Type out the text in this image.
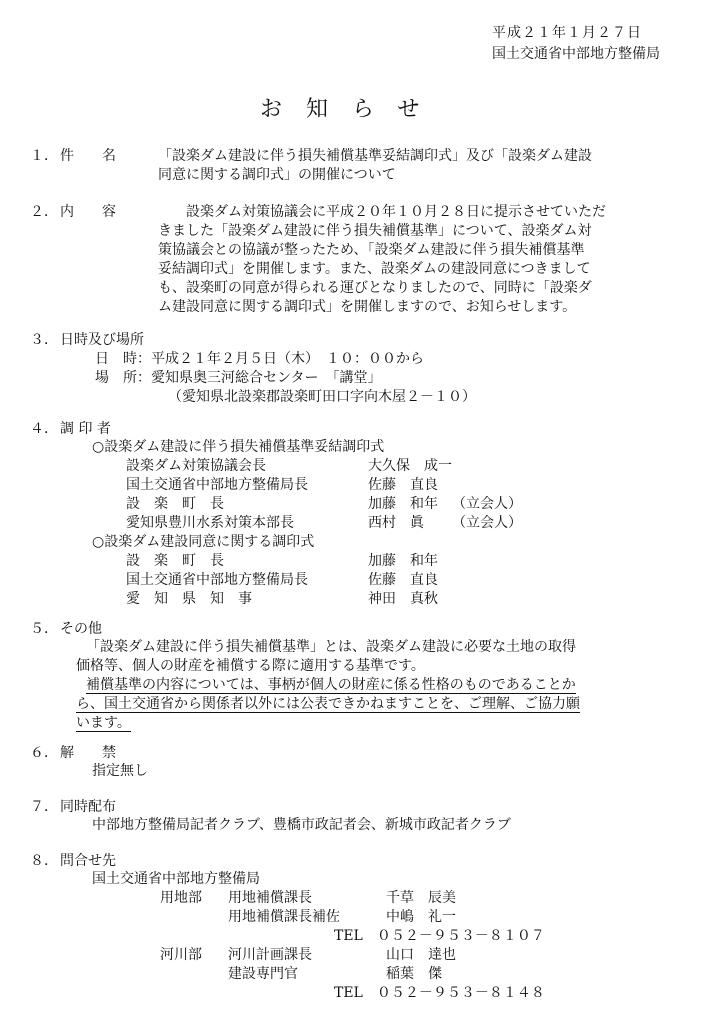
平成２１年１月２７日
国土交通省中部地方整備局
お知らせ
１． 件　　名	「設楽ダム建設に伴う損失補償基準妥結調印式」及び「設楽ダム建設
同意に関する調印式」の開催について
２． 内　　容	　　設楽ダム対策協議会に平成２０年１０月２８日に提示させていただ
きました「設楽ダム建設に伴う損失補償基準」について、設楽ダム対
策協議会との協議が整ったため、「設楽ダム建設に伴う損失補償基準
妥結調印式」を開催します。また、設楽ダムの建設同意につきまして
も、設楽町の同意が得られる運びとなりましたので、同時に「設楽ダ
ム建設同意に関する調印式」を開催しますので、お知らせします。
３． 日時及び場所
日　時：平成２１年２月５日（木）　１０：００から
場　所：愛知県奥三河総合センター　「講堂」
（愛知県北設楽郡設楽町田口字向木屋２－１０）
４． 調 印 者
○設楽ダム建設に伴う損失補償基準妥結調印式
設楽ダム対策協議会長	大久保　成一
国土交通省中部地方整備局長	佐藤　直良
設　楽　町　長	加藤　和年 （立会人）
愛知県豊川水系対策本部長	西村　眞 （立会人）
○設楽ダム建設同意に関する調印式
設　楽　町　長	加藤　和年
国土交通省中部地方整備局長	佐藤　直良
愛　知　県　知　事	神田　真秋
５． その他
「設楽ダム建設に伴う損失補償基準」とは、設楽ダム建設に必要な土地の取得
価格等、個人の財産を補償する際に適用する基準です。
補償基準の内容については、事柄が個人の財産に係る性格のものであることか
ら、国土交通省から関係者以外には公表できかねますことを、ご理解、ご協力願
います。
６． 解　　禁
指定無し
７． 同時配布
中部地方整備局記者クラブ、豊橋市政記者会、新城市政記者クラブ
８． 問合せ先
国土交通省中部地方整備局
用地部 用地補償課長	千草　辰美
用地補償課長補佐	中嶋　礼一
TEL　０５２－９５３－８１０７
河川部 河川計画課長	山口　達也
建設専門官	稲葉　傑
TEL　０５２－９５３－８１４８
